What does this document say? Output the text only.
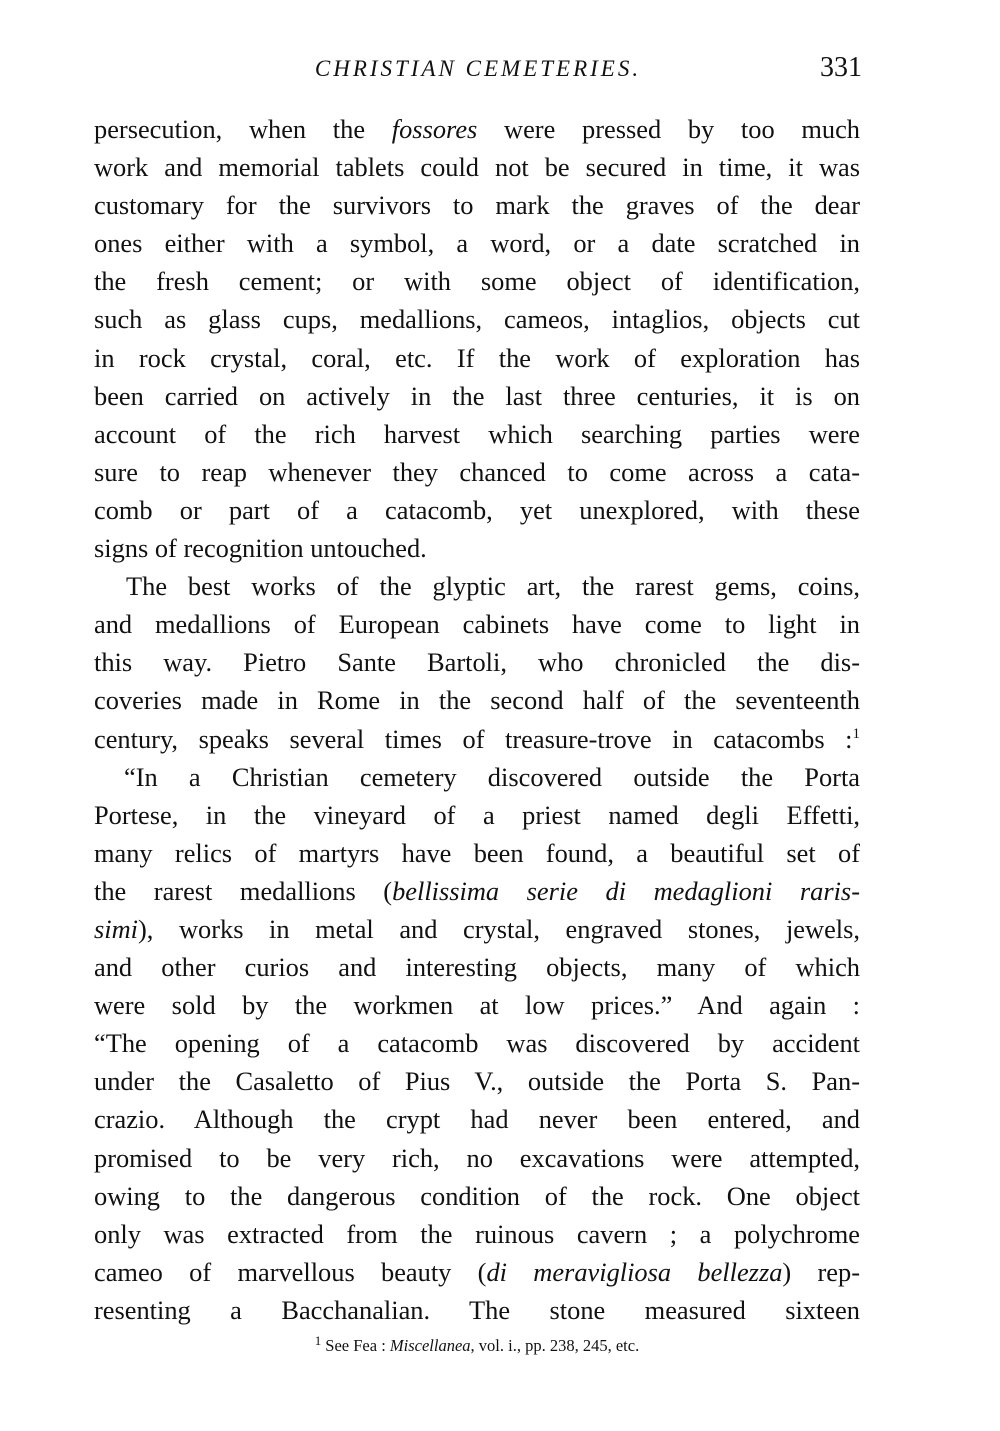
CHRISTIAN CEMETERIES.	331
persecution, when the fossores were pressed by too much
work and memorial tablets could not be secured in time, it was
customary for the survivors to mark the graves of the dear
ones either with a symbol, a word, or a date scratched in
the fresh cement; or with some object of identification,
such as glass cups, medallions, cameos, intaglios, objects cut
in rock crystal, coral, etc. If the work of exploration has
been carried on actively in the last three centuries, it is on
account of the rich harvest which searching parties were
sure to reap whenever they chanced to come across a cata-
comb or part of a catacomb, yet unexplored, with these
signs of recognition untouched.
The best works of the glyptic art, the rarest gems, coins,
and medallions of European cabinets have come to light in
this way. Pietro Sante Bartoli, who chronicled the dis-
coveries made in Rome in the second half of the seventeenth
century, speaks several times of treasure-trove in catacombs :$^1$
“In a Christian cemetery discovered outside the Porta
Portese, in the vineyard of a priest named degli Effetti,
many relics of martyrs have been found, a beautiful set of
the rarest medallions (bellissima serie di medaglioni raris-
simi), works in metal and crystal, engraved stones, jewels,
and other curios and interesting objects, many of which
were sold by the workmen at low prices.” And again :
“The opening of a catacomb was discovered by accident
under the Casaletto of Pius V., outside the Porta S. Pan-
crazio. Although the crypt had never been entered, and
promised to be very rich, no excavations were attempted,
owing to the dangerous condition of the rock. One object
only was extracted from the ruinous cavern ; a polychrome
cameo of marvellous beauty (di meravigliosa bellezza) rep-
resenting a Bacchanalian. The stone measured sixteen
$^1$ See Fea : Miscellanea, vol. i., pp. 238, 245, etc.
